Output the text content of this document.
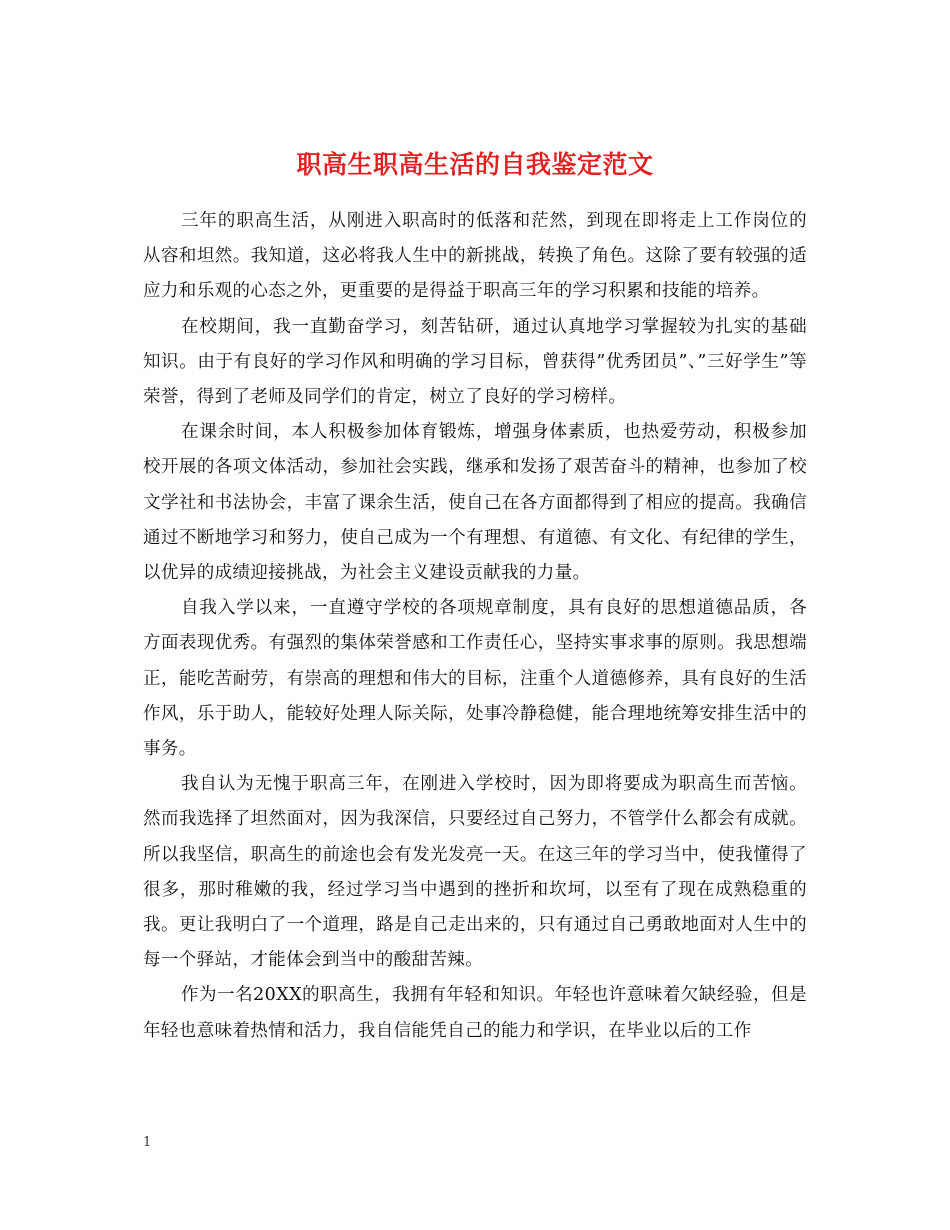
职高生职高生活的自我鉴定范文

三年的职高生活，从刚进入职高时的低落和茫然，到现在即将走上工作岗位的从容和坦然。我知道，这必将我人生中的新挑战，转换了角色。这除了要有较强的适应力和乐观的心态之外，更重要的是得益于职高三年的学习积累和技能的培养。

在校期间，我一直勤奋学习，刻苦钻研，通过认真地学习掌握较为扎实的基础知识。由于有良好的学习作风和明确的学习目标，曾获得”优秀团员”、”三好学生”等荣誉，得到了老师及同学们的肯定，树立了良好的学习榜样。

在课余时间，本人积极参加体育锻炼，增强身体素质，也热爱劳动，积极参加校开展的各项文体活动，参加社会实践，继承和发扬了艰苦奋斗的精神，也参加了校文学社和书法协会，丰富了课余生活，使自己在各方面都得到了相应的提高。我确信通过不断地学习和努力，使自己成为一个有理想、有道德、有文化、有纪律的学生，以优异的成绩迎接挑战，为社会主义建设贡献我的力量。

自我入学以来，一直遵守学校的各项规章制度，具有良好的思想道德品质，各方面表现优秀。有强烈的集体荣誉感和工作责任心，坚持实事求事的原则。我思想端正，能吃苦耐劳，有崇高的理想和伟大的目标，注重个人道德修养，具有良好的生活作风，乐于助人，能较好处理人际关际，处事冷静稳健，能合理地统筹安排生活中的事务。

我自认为无愧于职高三年，在刚进入学校时，因为即将要成为职高生而苦恼。然而我选择了坦然面对，因为我深信，只要经过自己努力，不管学什么都会有成就。所以我坚信，职高生的前途也会有发光发亮一天。在这三年的学习当中，使我懂得了很多，那时稚嫩的我，经过学习当中遇到的挫折和坎坷，以至有了现在成熟稳重的我。更让我明白了一个道理，路是自己走出来的，只有通过自己勇敢地面对人生中的每一个驿站，才能体会到当中的酸甜苦辣。

作为一名20XX的职高生，我拥有年轻和知识。年轻也许意味着欠缺经验，但是年轻也意味着热情和活力，我自信能凭自己的能力和学识，在毕业以后的工作

1
